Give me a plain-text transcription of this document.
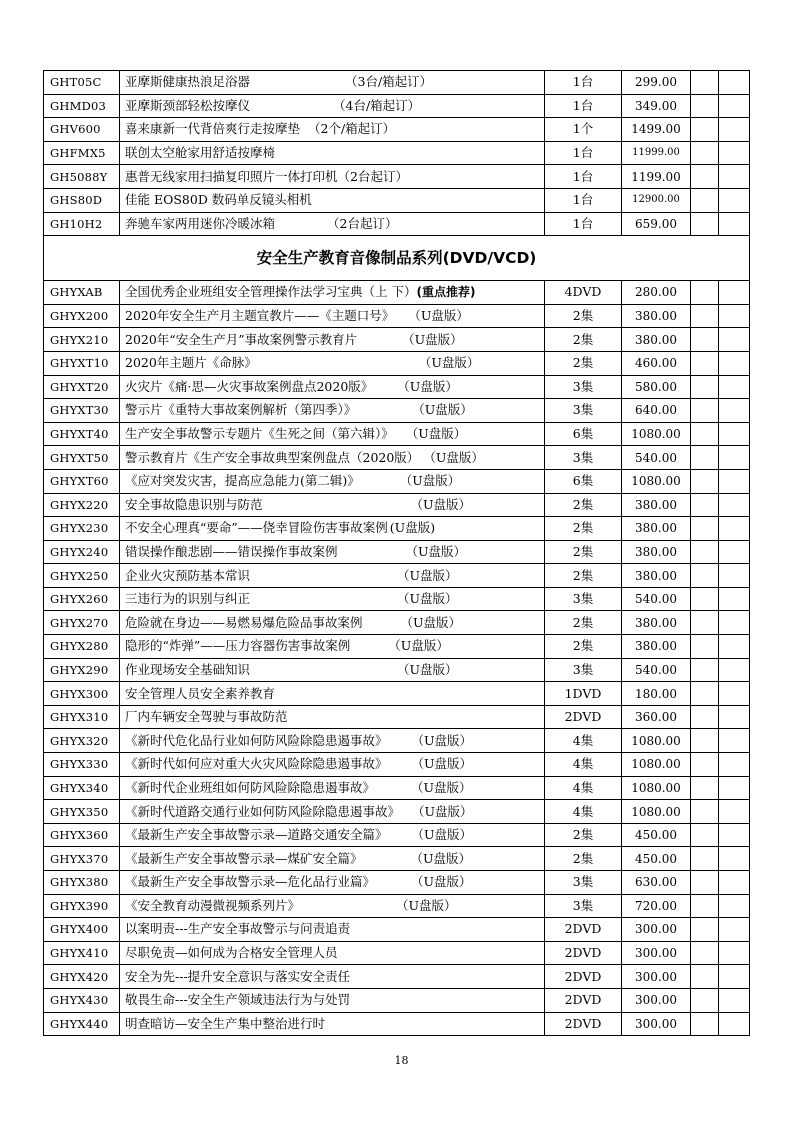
GHT05C	亚摩斯健康热浪足浴器 （3台/箱起订）	1台	299.00		
GHMD03	亚摩斯颈部轻松按摩仪 （4台/箱起订）	1台	349.00		
GHV600	喜来康新一代背倍爽行走按摩垫 （2个/箱起订）	1个	1499.00		
GHFMX5	联创太空舱家用舒适按摩椅	1台	11999.00		
GH5088Y	惠普无线家用扫描复印照片一体打印机（2台起订）	1台	1199.00		
GHS80D	佳能 EOS80D 数码单反镜头相机	1台	12900.00		
GH10H2	奔驰车家两用迷你冷暖冰箱 （2台起订）	1台	659.00		
安全生产教育音像制品系列(DVD/VCD)					
GHYXAB	全国优秀企业班组安全管理操作法学习宝典（上 下）(重点推荐)	4DVD	280.00		
GHYX200	2020年安全生产月主题宣教片——《主题口号》 （U盘版）	2集	380.00		
GHYX210	2020年“安全生产月”事故案例警示教育片 （U盘版）	2集	380.00		
GHYXT10	2020年主题片《命脉》 （U盘版）	2集	460.00		
GHYXT20	火灾片《痛·思—火灾事故案例盘点2020版》 （U盘版）	3集	580.00		
GHYXT30	警示片《重特大事故案例解析（第四季）》 （U盘版）	3集	640.00		
GHYXT40	生产安全事故警示专题片《生死之间（第六辑）》 （U盘版）	6集	1080.00		
GHYXT50	警示教育片《生产安全事故典型案例盘点（2020版） （U盘版）	3集	540.00		
GHYXT60	《应对突发灾害，提高应急能力(第二辑)》 （U盘版）	6集	1080.00		
GHYX220	安全事故隐患识别与防范 （U盘版）	2集	380.00		
GHYX230	不安全心理真“要命”——侥幸冒险伤害事故案例 (U盘版)	2集	380.00		
GHYX240	错误操作酿悲剧——错误操作事故案例 （U盘版）	2集	380.00		
GHYX250	企业火灾预防基本常识 （U盘版）	2集	380.00		
GHYX260	三违行为的识别与纠正 （U盘版）	3集	540.00		
GHYX270	危险就在身边——易燃易爆危险品事故案例 （U盘版）	2集	380.00		
GHYX280	隐形的“炸弹”——压力容器伤害事故案例 （U盘版）	2集	380.00		
GHYX290	作业现场安全基础知识 （U盘版）	3集	540.00		
GHYX300	安全管理人员安全素养教育	1DVD	180.00		
GHYX310	厂内车辆安全驾驶与事故防范	2DVD	360.00		
GHYX320	《新时代危化品行业如何防风险除隐患遏事故》 （U盘版）	4集	1080.00		
GHYX330	《新时代如何应对重大火灾风险除隐患遏事故》 （U盘版）	4集	1080.00		
GHYX340	《新时代企业班组如何防风险除隐患遏事故》 （U盘版）	4集	1080.00		
GHYX350	《新时代道路交通行业如何防风险除隐患遏事故》 （U盘版）	4集	1080.00		
GHYX360	《最新生产安全事故警示录—道路交通安全篇》 （U盘版）	2集	450.00		
GHYX370	《最新生产安全事故警示录—煤矿安全篇》 （U盘版）	2集	450.00		
GHYX380	《最新生产安全事故警示录—危化品行业篇》 （U盘版）	3集	630.00		
GHYX390	《安全教育动漫微视频系列片》 （U盘版）	3集	720.00		
GHYX400	以案明责---生产安全事故警示与问责追责	2DVD	300.00		
GHYX410	尽职免责—如何成为合格安全管理人员	2DVD	300.00		
GHYX420	安全为先---提升安全意识与落实安全责任	2DVD	300.00		
GHYX430	敬畏生命---安全生产领域违法行为与处罚	2DVD	300.00		
GHYX440	明查暗访—安全生产集中整治进行时	2DVD	300.00		
18
